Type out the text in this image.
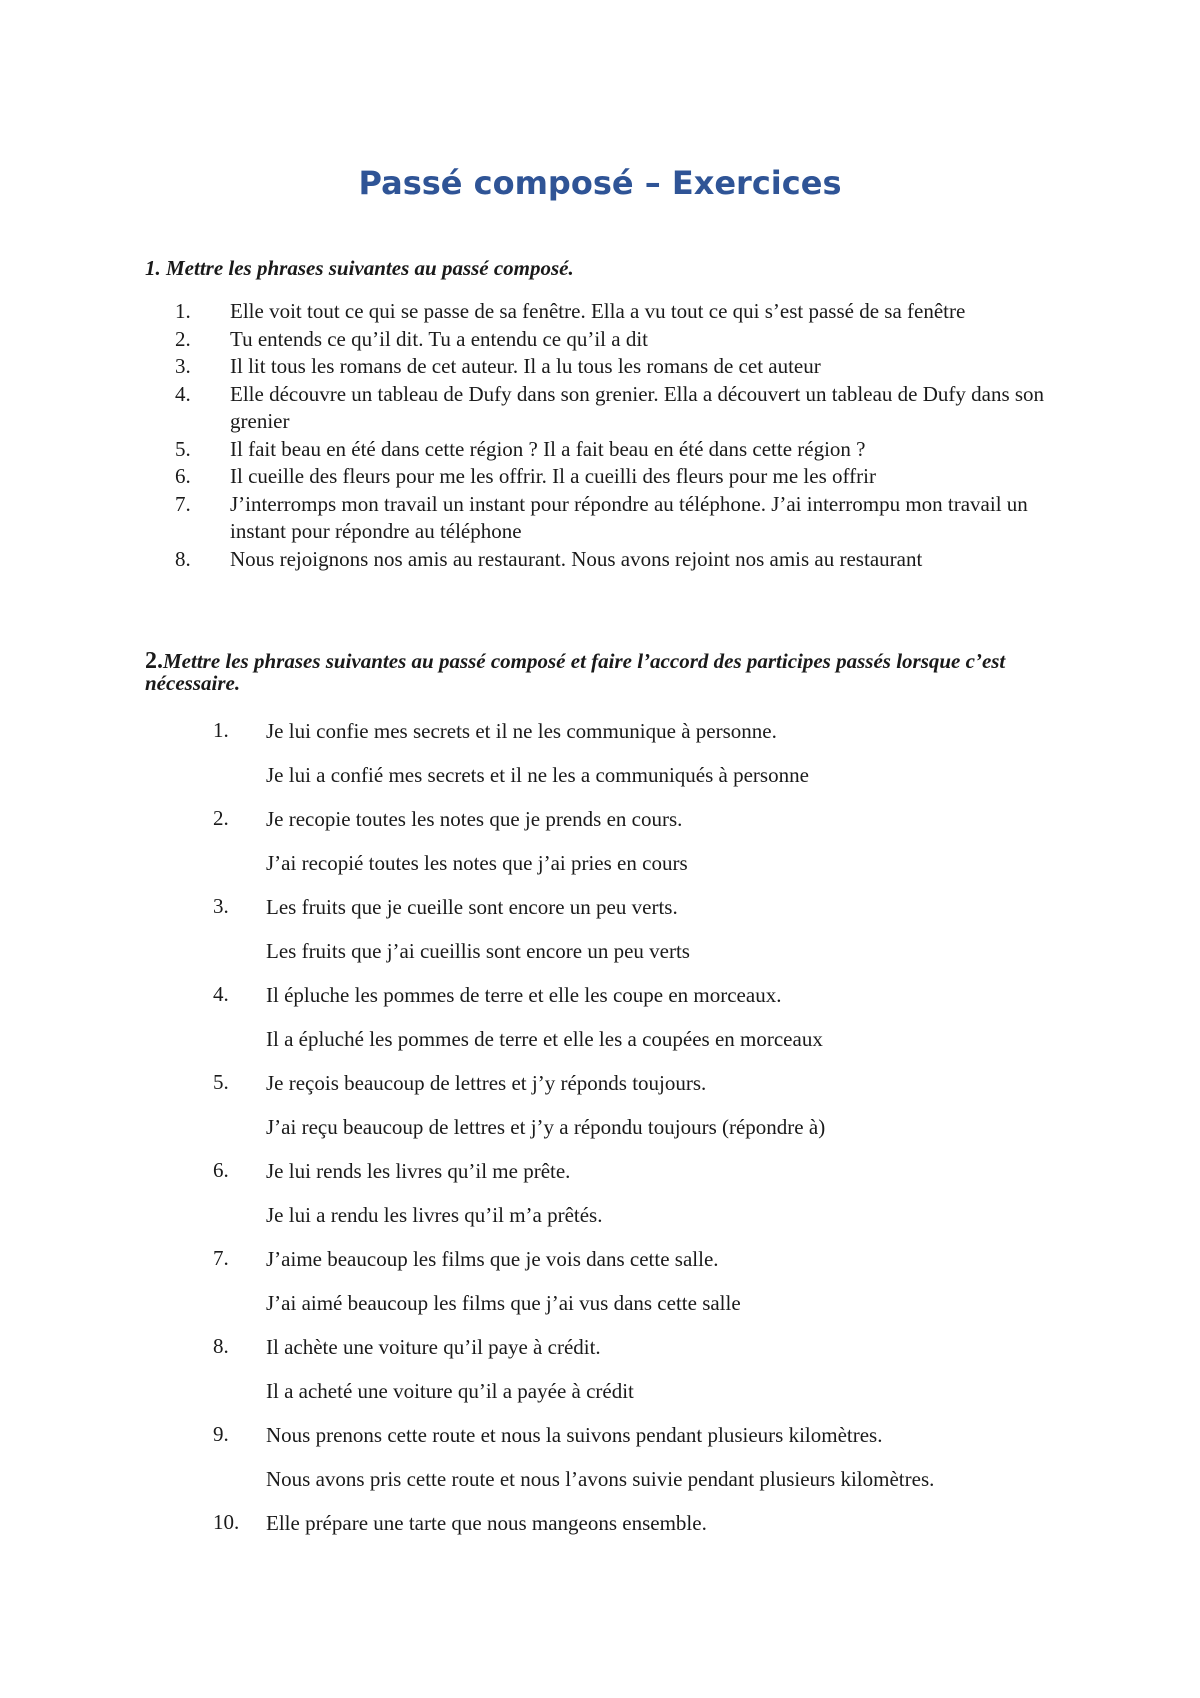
Passé composé – Exercices

1. Mettre les phrases suivantes au passé composé.

1. Elle voit tout ce qui se passe de sa fenêtre. Ella a vu tout ce qui s’est passé de sa fenêtre
2. Tu entends ce qu’il dit. Tu a entendu ce qu’il a dit
3. Il lit tous les romans de cet auteur. Il a lu tous les romans de cet auteur
4. Elle découvre un tableau de Dufy dans son grenier. Ella a découvert un tableau de Dufy dans son grenier
5. Il fait beau en été dans cette région ? Il a fait beau en été dans cette région ?
6. Il cueille des fleurs pour me les offrir. Il a cueilli des fleurs pour me les offrir
7. J’interromps mon travail un instant pour répondre au téléphone. J’ai interrompu mon travail un instant pour répondre au téléphone
8. Nous rejoignons nos amis au restaurant. Nous avons rejoint nos amis au restaurant

2.Mettre les phrases suivantes au passé composé et faire l’accord des participes passés lorsque c’est nécessaire.

1. Je lui confie mes secrets et il ne les communique à personne.
Je lui a confié mes secrets et il ne les a communiqués à personne
2. Je recopie toutes les notes que je prends en cours.
J’ai recopié toutes les notes que j’ai pries en cours
3. Les fruits que je cueille sont encore un peu verts.
Les fruits que j’ai cueillis sont encore un peu verts
4. Il épluche les pommes de terre et elle les coupe en morceaux.
Il a épluché les pommes de terre et elle les a coupées en morceaux
5. Je reçois beaucoup de lettres et j’y réponds toujours.
J’ai reçu beaucoup de lettres et j’y a répondu toujours (répondre à)
6. Je lui rends les livres qu’il me prête.
Je lui a rendu les livres qu’il m’a prêtés.
7. J’aime beaucoup les films que je vois dans cette salle.
J’ai aimé beaucoup les films que j’ai vus dans cette salle
8. Il achète une voiture qu’il paye à crédit.
Il a acheté une voiture qu’il a payée à crédit
9. Nous prenons cette route et nous la suivons pendant plusieurs kilomètres.
Nous avons pris cette route et nous l’avons suivie pendant plusieurs kilomètres.
10. Elle prépare une tarte que nous mangeons ensemble.
